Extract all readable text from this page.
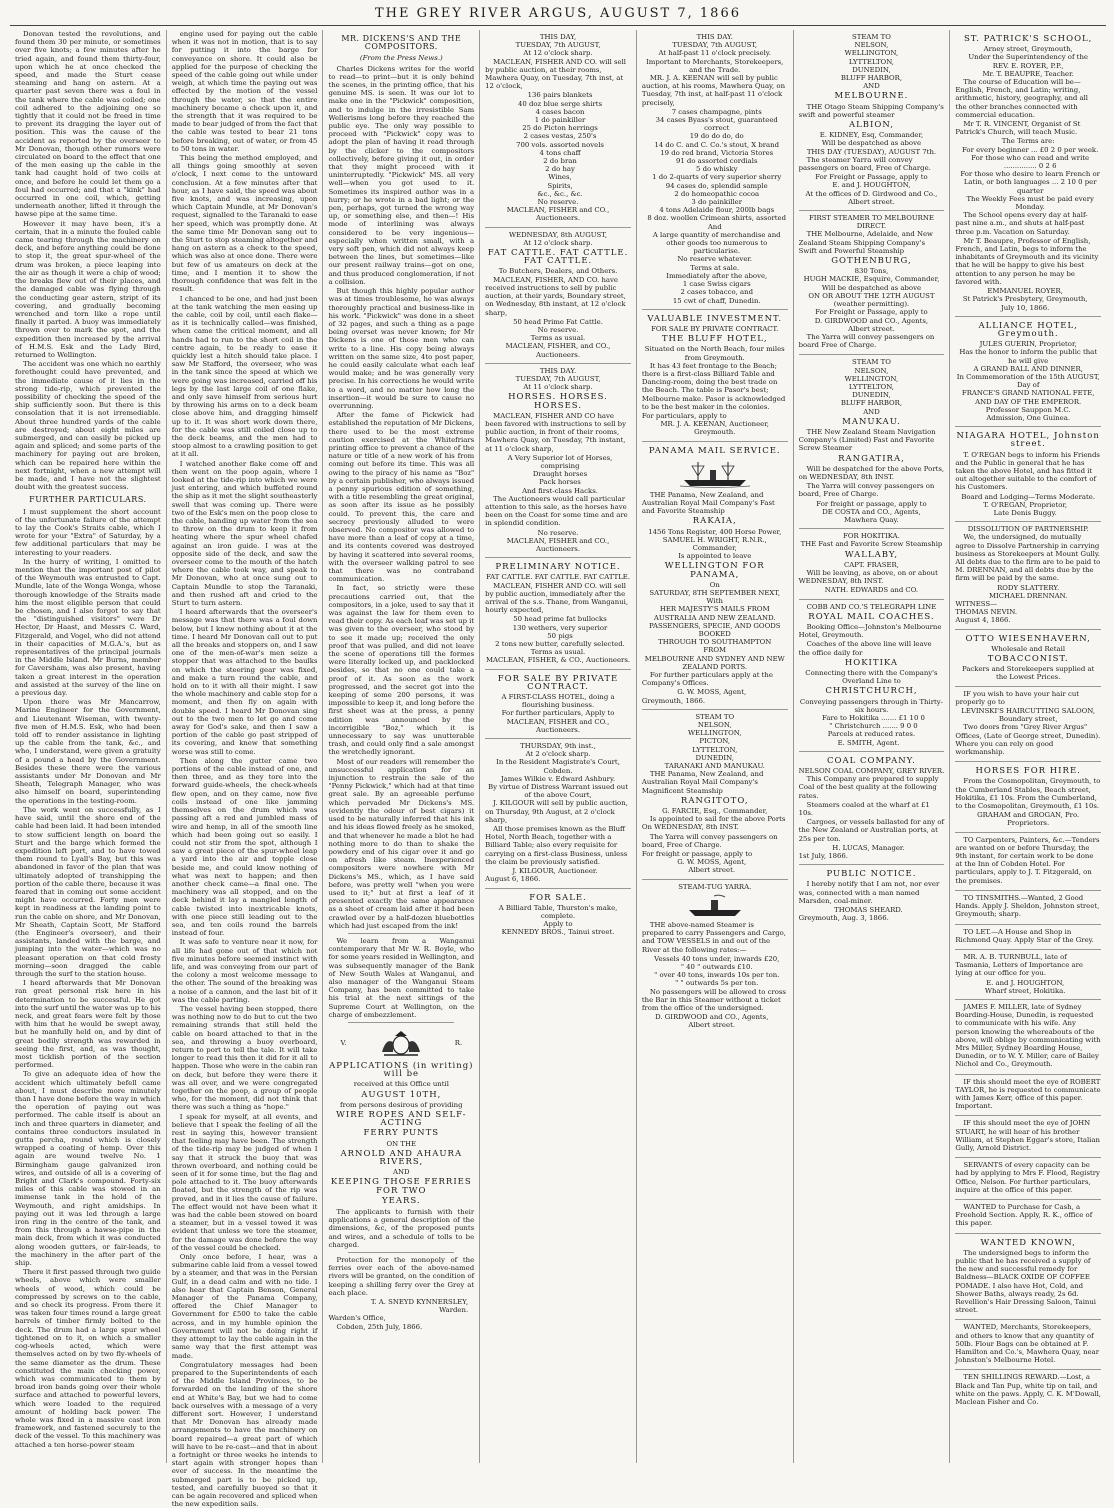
THE GREY RIVER ARGUS, AUGUST 7, 1866

Donovan tested the revolutions, and found them 30 per minute, or sometimes over five knots; a few minutes after he tried again, and found them thirty-four, upon which he at once checked the speed, and made the Sturt cease steaming and hang on astern. At a quarter past seven there was a foul in the tank where the cable was coiled; one coil adhered to the adjoining one so tightly that it could not be freed in time to prevent its dragging the layer out of position. This was the cause of the accident as reported by the overseer to Mr Donovan, though other rumors were circulated on board to the effect that one of the men easing up the cable in the tank had caught hold of two coils at once, and before he could let them go a foul had occurred; and that a "kink" had occurred in one coil, which, getting underneath another, lifted it through the hawse pipe at the same time.

However it may have been, it's a certain, that in a minute the fouled cable came tearing through the machinery on deck, and before anything could be done to stop it, the great spur-wheel of the drum was broken, a piece leaping into the air as though it were a chip of wood; the breaks flew out of their places, and the damaged cable was flying through the conducting gear astern, stript of its covering, and gradually becoming wrenched and torn like a rope until finally it parted. A buoy was immediately thrown over to mark the spot, and the expedition then increased by the arrival of H.M.S. Esk and the Lady Bird, returned to Wellington.

The accident was one which no earthly forethought could have prevented, and the immediate cause of it lies in the strong tide-rip, which prevented the possibility of checking the speed of the ship sufficiently soon. But there is this consolation that it is not irremediable. About three hundred yards of the cable are destroyed; about eight miles are submerged, and can easily be picked up again and spliced; and some parts of the machinery for paying out are broken, which can be repaired here within the next fortnight, when a new attempt will be made, and I have not the slightest doubt with the greatest success.

FURTHER PARTICULARS.

I must supplement the short account of the unfortunate failure of the attempt to lay the Cook's Straits cable, which I wrote for your "Extra" of Saturday, by a few additional particulars that may be interesting to your readers.

In the hurry of writing, I omitted to mention that the important post of pilot of the Weymouth was entrusted to Capt. Mundle, late of the Wonga Wonga, whose thorough knowledge of the Straits made him the most eligible person that could be chosen, and I also forgot to say that the "distinguished visitors" were Dr Hector, Dr Haast, and Messrs C. Ward, Fitzgerald, and Vogel, who did not attend in their capacities of M.G.A.'s, but as representatives of the principal journals in the Middle Island. Mr Burns, member for Caversham, was also present, having taken a great interest in the operation and assisted at the survey of the line on a previous day.

Upon there was Mr Mancarrow, Marine Engineer for the Government, and Lieutenant Wiseman, with twenty-five men of H.M.S. Esk, who had been told off to render assistance in lighting up the cable from the tank, &c., and who, I understand, were given a gratuity of a pound a head by the Government. Besides these there were the various assistants under Mr Donovan and Mr Sheath, Telegraph Manager, who was also himself on board, superintending the operations in the testing-room.

The work went on successfully, as I have said, until the shore end of the cable had been laid. It had been intended to stow sufficient length on board the Sturt and the barge which formed the expedition left port, and to have towed them round to Lyall's Bay, but this was abandoned in favor of the plan that was ultimately adopted of transhipping the portion of the cable there, because it was feared that in coming out some accident might have occurred. Forty men were kept in readiness at the landing point to run the cable on shore, and Mr Donovan, Mr Sheath, Captain Scott, Mr Stafford (the Engineer's overseer), and their assistants, landed with the barge, and jumping into the water—which was no pleasant operation on that cold frosty morning—soon dragged the cable through the surf to the station house.

I heard afterwards that Mr Donovan ran great personal risk here in his determination to be successful. He got into the surf until the water was up to his neck, and great fears were felt by those with him that he would be swept away, but he manfully held on, and by dint of great bodily strength was rewarded in seeing the first, and, as was thought, most ticklish portion of the section performed.

To give an adequate idea of how the accident which ultimately befell came about, I must describe more minutely than I have done before the way in which the operation of paying out was performed. The cable itself is about an inch and three quarters in diameter, and contains three conductors insulated in gutta percha, round which is closely wrapped a coating of hemp. Over this again are wound twelve No. 1 Birmingham gauge galvanized iron wires, and outside of all is a covering of Bright and Clark's compound. Forty-six miles of this cable was stowed in an immense tank in the hold of the Weymouth, and right amidships. In paying out it was led through a large iron ring in the centre of the tank, and from this through a hawse-pipe in the main deck, from which it was conducted along wooden gutters, or fair-leads, to the machinery in the after part of the ship.

There it first passed through two guide wheels, above which were smaller wheels of wood, which could be compressed by screws on to the cable, and so check its progress. From there it was taken four times round a large great barrels of timber firmly bolted to the deck. The drum had a large spur wheel tightened on to it, on which a smaller cog-wheels acted, which were themselves acted on by two fly-wheels of the same diameter as the drum. These constituted the main checking power, which was communicated to them by broad iron bands going over their whole surface and attached to powerful levers, which were loaded to the required amount of holding back power. The whole was fixed in a massive cast iron framework, and fastened securely to the deck of the vessel. To this machinery was attached a ten horse-power steam

engine used for paying out the cable when it was not in motion, that is to say for putting it into the barge for conveyance on shore. It could also be applied for the purpose of checking the speed of the cable going out while under weigh, at which time the paying out was effected by the motion of the vessel through the water, so that the entire machinery became a check upon it, and the strength that it was required to be made to bear judged of from the fact that the cable was tested to bear 21 tons before breaking, out of water, or from 45 to 50 tons in water.

This being the method employed, and all things going smoothly at seven o'clock, I next come to the untoward conclusion. At a few minutes after that hour, as I have said, the speed was about five knots, and was increasing, upon which Captain Mundle, at Mr Donovan's request, signalled to the Taranaki to ease her speed, which was promptly done. At the same time Mr Donovan sang out to the Sturt to stop steaming altogether and hang on astern as a check to the speed, which was also at once done. There were but few of us amateurs on deck at the time, and I mention it to show the thorough confidence that was felt in the result.

I chanced to be one, and had just been at the tank watching the men easing up the cable, coil by coil, until each flake—as it is technically called—was finished, when came the critical moment, and all hands had to run to the short coil in the centre again, to be ready to ease it quickly lest a hitch should take place. I saw Mr Stafford, the overseer, who was in the tank since the speed at which we were going was increased, carried off his legs by the last large coil of one flake, and only save himself from serious hurt by throwing his arms on to a deck beam close above him, and dragging himself up to it. It was short work down there, for the cable was still coiled close up to the deck beams, and the men had to stoop almost to a crawling position to get at it all.

I watched another flake come off and then went on the poop again, where I looked at the tide-rip into which we were just entering, and which buffeted round the ship as it met the slight southeasterly swell that was coming up. There were two of the Esk's men on the poop close to the cable, handing up water from the sea to throw on the drum to keep it from heating where the spur wheel chafed against an iron guide. I was at the opposite side of the deck, and saw the overseer come to the mouth of the hatch where the cable took way, and speak to Mr Donovan, who at once sung out to Captain Mundle to stop the Taranaki, and then rushed aft and cried to the Sturt to turn astern.

I heard afterwards that the overseer's message was that there was a foul down below, but I knew nothing about it at the time. I heard Mr Donovan call out to put all the breaks and stoppers on, and I saw one of the men-of-war's men seize a stopper that was attached to the baulks on which the steering gear was fixed, and make a turn round the cable, and hold on to it with all their might. I saw the whole machinery and cable stop for a moment, and then fly on again with double speed. I heard Mr Donovan sing out to the two men to let go and come away for God's sake, and then I saw a portion of the cable go past stripped of its covering, and knew that something worse was still to come.

Then along the gutter came two portions of the cable instead of one, and then three, and as they tore into the forward guide-wheels, the check-wheels flew open, and on they came, now five coils instead of one like jamming themselves on the drum which was passing aft a red and jumbled mass of wire and hemp, in all of the smooth line which had been going out so easily. I could not stir from the spot, although I saw a great piece of the spur-wheel leap a yard into the air and topple close beside me, and could know nothing of what was next to happen; and then another check came—a final one. The machinery was all stopped, and on the deck behind it lay a mangled length of cable twisted into inextricable knots, with one piece still leading out to the sea, and ten coils round the barrels instead of four.

It was safe to venture near it now, for all life had gone out of that which not five minutes before seemed instinct with life, and was conveying from our part of the colony a most welcome message to the other. The sound of the breaking was a noise of a cannon, and the last bit of it was the cable parting.

The vessel having been stopped, there was nothing now to do but to cut the two remaining strands that still held the cable on board attached to that in the sea, and throwing a buoy overboard, return to port to tell the tale. It will take longer to read this then it did for it all to happen. Those who were in the cabin ran on deck, but before they were there it was all over, and we were congregated together on the poop, a group of people who, for the moment, did not think that there was such a thing as "hope."

I speak for myself, at all events, and believe that I speak the feeling of all the rest in saying this, however transient that feeling may have been. The strength of the tide-rip may be judged of when I say that it struck the buoy that was thrown overboard, and nothing could be seen of it for some time, but the flag and pole attached to it. The buoy afterwards floated, but the strength of the rip was proved, and in it lies the cause of failure. The effect would not have been what it was had the cable been stowed on board a steamer, but in a vessel towed it was evident that unless we tore the steamer, for the damage was done before the way of the vessel could be checked.

Only once before, I hear, was a submarine cable laid from a vessel towed by a steamer, and that was in the Persian Gulf, in a dead calm and with no tide. I also hear that Captain Benson, General Manager of the Panama Company, offered the Chief Manager to Government for £500 to take the cable across, and in my humble opinion the Government will not be doing right if they attempt to lay the cable again in the same way that the first attempt was made.

Congratulatory messages had been prepared to the Superintendents of each of the Middle Island Provinces, to be forwarded on the landing of the shore end at White's Bay, but we had to come back ourselves with a message of a very different sort. However, I understand that Mr Donovan has already made arrangements to have the machinery on board repaired—a great part of which will have to be re-cast—and that in about a fortnight or three weeks he intends to start again with stronger hopes than ever of success. In the meantime the submerged part is to be picked up, tested, and carefully buoyed so that it can be again recovered and spliced when the new expedition sails.

MR. DICKENS'S AND THE COMPOSITORS.
(From the Press News.)

Charles Dickens writes for the world to read—to print—but it is only behind the scenes, in the printing office, that his genuine MS. is seen. It was our lot to make one in the "Pickwick" composition, and to indulge in the irresistible Sam Wellerisms long before they reached the public eye. The only way possible to proceed with "Pickwick" copy was to adopt the plan of having it read through by the clicker to the compositors collectively, before giving it out, in order that they might proceed with it uninterruptedly. "Pickwick" MS. all very well—when you got used to it. Sometimes its inspired author was in a hurry; or he wrote in a bad light; or the pen, perhaps, got turned the wrong way up, or something else, and then—! His mode of interlining was always considered to be very ingenious—especially when written small, with a very soft pen, which did not always keep between the lines, but sometimes—like our present railway trains—got on one, and thus produced conglomeration, if not a collision.

But though this highly popular author was at times troublesome, he was always thoroughly practical and business-like in his work. "Pickwick" was done in a sheet of 32 pages, and such a thing as a page being overset was never known; for Mr Dickens is one of those men who can write to a line. His copy being always written on the same size, 4to post paper, he could easily calculate what each leaf would make; and he was generally very precise. In his corrections he would write to a word, and no matter how long the insertion—it would be sure to cause no overrunning.

After the fame of Pickwick had established the reputation of Mr Dickens, there used to be the most extreme caution exercised at the Whitefriars printing office to prevent a chance of the nature or title of a new work of his from coming out before its time. This was all owing to the piracy of his name as "Boz" by a certain publisher, who always issued a penny spurious edition of something, with a title resembling the great original, as soon after its issue as he possibly could. To prevent this, the care and secrecy previously alluded to were observed. No compositor was allowed to have more than a leaf of copy at a time, and its contents covered was destroyed by having it scattered into several rooms, with the overseer walking patrol to see that there was no contraband communication.

In fact, so strictly were these precautions carried out, that the compositors, in a joke, used to say that it was against the law for them even to read their copy. As each leaf was set up it was given to the overseer, who stood by to see it made up; received the only proof that was pulled, and did not leave the scene of operations till the formes were literally locked up, and packlocked besides, so that no one could take a proof of it. As soon as the work progressed, and the secret got into the keeping of some 200 persons, it was impossible to keep it, and long before the first sheet was at the press, a penny edition was announced by the incorrigible "Boz," which it is unnecessary to say was unutterable trash, and could only find a sale amongst the wretchedly ignorant.

Most of our readers will remember the unsuccessful application for an injunction to restrain the sale of the "Penny Pickwick," which had at that time great sale. By an agreeable perfume which pervaded Mr Dickens's MS. (evidently the odour of best cigars) it used to be naturally inferred that his ink and his ideas flowed freely as he smoked, and that whenever he made a blot he had nothing more to do than to shake the powdery end of his cigar over it and go on afresh like steam. Inexperienced compositors were nowhere with Mr Dickens's MS., which, as I have said before, was pretty well "when you were used to it;" but at first a leaf of it presented exactly the same appearance as a sheet of cream laid after it had been crawled over by a half-dozen bluebottles which had just escaped from the ink!

We learn from a Wanganui contemporary that Mr W. R. Boyle, who for some years resided in Wellington, and was subsequently manager of the Bank of New South Wales at Wanganui, and also manager of the Wanganui Steam Company, has been committed to take his trial at the next sittings of the Supreme Court at Wellington, on the charge of embezzlement.

V.	R.
APPLICATIONS (in writing) will be
received at this Office until
AUGUST 10TH,
from persons desirous of providing
WIRE ROPES AND SELF-ACTING
FERRY PUNTS
ON THE
ARNOLD AND AHAURA RIVERS,
AND
KEEPING THOSE FERRIES FOR TWO
YEARS.

The applicants to furnish with their applications a general description of the dimensions, &c, of the proposed punts and wires, and a schedule of tolls to be charged.

Protection for the monopoly of the ferries over each of the above-named rivers will be granted, on the condition of keeping a shilling ferry over the Grey at each place.

T. A. SNEYD KYNNERSLEY,
Warden.
Warden's Office,
Cobden, 25th July, 1866.
THIS DAY,
TUESDAY, 7th AUGUST,
At 12 o'clock sharp.

MACLEAN, FISHER AND CO. will sell by public auction, at their rooms, Mawhera Quay, on Tuesday, 7th inst, at 12 o'clock,

136 pairs blankets
40 doz blue serge shirts
4 cases bacon
1 do painkiller
25 do Picton herrings
2 cases vestas, 250's
700 vols. assorted novels
4 tons chaff
2 do bran
2 do hay
Wines,
Spirits,
&c., &c., &c.
No reserve.
MACLEAN, FISHER and CO., Auctioneers.
WEDNESDAY, 8th AUGUST,
At 12 o'clock sharp.
FAT CATTLE. FAT CATTLE. FAT CATTLE.
To Butchers, Dealers, and Others.

MACLEAN, FISHER, AND CO. have received instructions to sell by public auction, at their yards, Boundary street, on Wednesday, 8th instant, at 12 o'clock sharp,

50 head Prime Fat Cattle.
No reserve.
Terms as usual.
MACLEAN, FISHER, and CO., Auctioneers.
THIS DAY.
TUESDAY, 7th AUGUST,
At 11 o'clock sharp.
HORSES. HORSES. HORSES.

MACLEAN, FISHER AND CO have been favored with instructions to sell by public auction, in front of their rooms, Mawhera Quay, on Tuesday, 7th instant, at 11 o'clock sharp,

A Very Superior lot of Horses, comprising
Draught horses
Pack horses
And first-class Hacks.

The Auctioneers would call particular attention to this sale, as the horses have been on the Coast for some time and are in splendid condition.

No reserve.
MACLEAN, FISHER and CO., Auctioneers.
PRELIMINARY NOTICE.
FAT CATTLE. FAT CATTLE. FAT CATTLE.

MACLEAN, FISHER AND CO. will sell by public auction, immediately after the arrival of the s.s. Thane, from Wanganui, hourly expected,

50 head prime fat bullocks
130 wethers, very superior
50 pigs
2 tons new butter, carefully selected.
Terms as usual.
MACLEAN, FISHER, & CO., Auctioneers.
FOR SALE BY PRIVATE CONTRACT.
A FIRST-CLASS HOTEL, doing a flourishing business.
For further particulars, Apply to
MACLEAN, FISHER and CO., Auctioneers.
THURSDAY, 9th inst.,
At 2 o'clock sharp.
In the Resident Magistrate's Court, Cobden.
James Wilkie v. Edward Ashbury.
By virtue of Distress Warrant issued out of the above Court,

J. KILGOUR will sell by public auction, on Thursday, 9th August, at 2 o'clock sharp,

All those premises known as the Bluff Hotel, North Beach, together with a Billiard Table; also every requisite for carrying on a first-class Business, unless the claim be previously satisfied.

J. KILGOUR, Auctioneer.
August 6, 1866.
FOR SALE.
A Billiard Table, Thurston's make, complete.
Apply to
KENNEDY BROS., Tainui street.
THIS DAY.
TUESDAY, 7th AUGUST,
At half-past 11 o'clock precisely.
Important to Merchants, Storekeepers, and the Trade.

MR. J. A. KEENAN will sell by public auction, at his rooms, Mawhera Quay, on Tuesday, 7th inst, at half-past 11 o'clock precisely,

7 cases champagne, pints
34 cases Byass's stout, guaranteed correct
19 do do do, do
14 do C. and C. Co.'s stout, X brand
19 do red brand, Victoria Stores
91 do assorted cordials
5 do whisky
1 do 2-quarts of very superior sherry
94 cases do, splendid sample
2 do homeopathic cocoa
3 do painkiller
4 tons Adelaide flour, 200lb bags
8 doz. woollen Crimean shirts, assorted
And
A large quantity of merchandise and other goods too numerous to particularise.
No reserve whatever.
Terms at sale.
Immediately after the above,
1 case Swiss cigars
2 cases tobacco, and
15 cwt of chaff, Dunedin.
VALUABLE INVESTMENT.
FOR SALE BY PRIVATE CONTRACT.
THE BLUFF HOTEL,
Situated on the North Beach, four miles from Greymouth.

It has 43 feet frontage to the Beach; there is a first-class Billiard Table and Dancing-room, doing the best trade on the Beach. The table is Pasor's best; Melbourne make. Pasor is acknowledged to be the best maker in the colonies.

For particulars, apply to
MR. J. A. KEENAN, Auctioneer, Greymouth.
PANAMA MAIL SERVICE.

THE Panama, New Zealand, and Australian Royal Mail Company's Fast and Favorite Steamship

RAKAIA,
1456 Tons Register, 400 Horse Power,
SAMUEL H. WRIGHT, R.N.R., Commander,
Is appointed to leave
WELLINGTON FOR PANAMA,
On
SATURDAY, 8TH SEPTEMBER NEXT,
With
HER MAJESTY'S MAILS FROM AUSTRALIA AND NEW ZEALAND.
PASSENGERS, SPECIE, AND GOODS
BOOKED
THROUGH TO SOUTHAMPTON
FROM
MELBOURNE AND SYDNEY AND NEW ZEALAND PORTS.

For further particulars apply at the Company's Offices.

G. W. MOSS, Agent,
Greymouth, 1866.
STEAM TO
NELSON,
WELLINGTON,
PICTON,
LYTTELTON,
DUNEDIN,
TARANAKI AND MANUKAU.

THE Panama, New Zealand, and Australian Royal Mail Company's Magnificent Steamship

RANGITOTO,
G. FARCIE, Esq., Commander,

Is appointed to sail for the above Ports On WEDNESDAY, 8th INST.

The Yarra will convey passengers on board, Free of Charge.

For freight or passage, apply to
G. W. MOSS, Agent,
Albert street.
STEAM-TUG YARRA.

THE above-named Steamer is prepared to carry Passengers and Cargo, and TOW VESSELS in and out of the River at the following rates:—

Vessels 40 tons under, inwards £20,
" 40 " outwards £10.
" over 40 tons, inwards 10s per ton.
" " outwards 5s per ton.

No passengers will be allowed to cross the Bar in this Steamer without a ticket from the office of the undersigned.

D. GIRDWOOD and CO., Agents,
Albert street.
STEAM TO
NELSON,
WELLINGTON,
LYTTELTON,
DUNEDIN,
BLUFF HARBOR,
AND
MELBOURNE.

THE Otago Steam Shipping Company's swift and powerful steamer

ALBION,
E. KIDNEY, Esq, Commander,
Will be despatched as above
THIS DAY (TUESDAY), AUGUST 7th.

The steamer Yarra will convey passengers on board, Free of Charge.

For Freight or Passage, apply to
E. and J. HOUGHTON,
At the offices of D. Girdwood and Co., Albert street.
FIRST STEAMER TO MELBOURNE DIRECT.

THE Melbourne, Adelaide, and New Zealand Steam Shipping Company's Swift and Powerful Steamship

GOTHENBURG,
830 Tons,
HUGH MACKIE, Esquire, Commander,
Will be despatched as above
ON OR ABOUT THE 12TH AUGUST
(weather permitting).
For Freight or Passage, apply to
D. GIRDWOOD and CO., Agents,
Albert street.

The Yarra will convey passengers on board Free of Charge.

STEAM TO
NELSON,
WELLINGTON,
LYTTELTON,
DUNEDIN,
BLUFF HARBOR,
AND
MANUKAU.

THE New Zealand Steam Navigation Company's (Limited) Fast and Favorite Screw Steamer

RANGATIRA,

Will be despatched for the above Ports, on WEDNESDAY, 8th INST.

The Yarra will convey passengers on board, Free of Charge.

For freight or passage, apply to
DE COSTA and CO., Agents,
Mawhera Quay.
FOR HOKITIKA.
THE Fast and Favorite Screw Steamship
WALLABY,
CAPT. FRASER,

Will be leaving, as above, on or about WEDNESDAY, 8th INST.

NATH. EDWARDS and CO.
COBB AND CO.'S TELEGRAPH LINE
ROYAL MAIL COACHES.

Booking Office—Johnston's Melbourne Hotel, Greymouth.

Coaches of the above line will leave the office daily for

HOKITIKA
Connecting there with the Company's Overland Line to
CHRISTCHURCH,
Conveying passengers through in Thirty-six hours.
Fare to Hokitika ....... £1 10 0
" Christchurch ....... 9 0 0
Parcels at reduced rates.
E. SMITH, Agent.
COAL COMPANY.
NELSON COAL COMPANY, GREY RIVER.

This Company are prepared to supply Coal of the best quality at the following rates.

Steamers coaled at the wharf at £1 10s.

Cargoes, or vessels ballasted for any of the New Zealand or Australian ports, at 25s per ton.

H. LUCAS, Manager.
1st July, 1866.
PUBLIC NOTICE.

I hereby notify that I am not, nor ever was, connected with a man named Marsden, coal-miner.

THOMAS SHEARD.
Greymouth, Aug. 3, 1866.
ST. PATRICK'S SCHOOL,
Arney street, Greymouth,
Under the Superintendency of the
REV. E. ROYER, P.P.,
Mr. T. BEAUPRE, Teacher.

The course of Education will be—English, French, and Latin; writing, arithmetic, history, geography, and all the other branches connected with commercial education.

Mr T. R. VINCENT, Organist of St Patrick's Church, will teach Music.

The Terms are:
For every beginner ... £0 2 0 per week.
For those who can read and write ............... 0 2 6
For those who desire to learn French or Latin, or both languages ... 2 10 0 per quarter
The Weekly Fees must be paid every Monday.

The School opens every day at half-past nine a.m., and shuts at half-past three p.m. Vacation on Saturday.

Mr T. Beaupre, Professor of English, French, and Latin, begs to inform the inhabitants of Greymouth and its vicinity that he will be happy to give his best attention to any person he may be favored with.

EMMANUEL ROYER,
St Patrick's Presbytery, Greymouth, July 10, 1866.
ALLIANCE HOTEL, Greymouth.
JULES GUERIN, Proprietor,
Has the honor to inform the public that he will give
A GRAND BALL AND DINNER,
In Commemoration of the 15th AUGUST, Day of
FRANCE'S GRAND NATIONAL FETE, AND DAY OF THE EMPEROR.
Professor Sauppon M.C.
Admission, One Guinea.
NIAGARA HOTEL, Johnston street.

T. O'REGAN begs to inform his Friends and the Public in general that he has taken the above Hotel, and has fitted it out altogether suitable to the comfort of his Customers.

Board and Lodging—Terms Moderate.
T. O'REGAN, Proprietor,
Late Denis Buggy.
DISSOLUTION OF PARTNERSHIP.

We, the undersigned, do mutually agree to Dissolve Partnership in carrying business as Storekeepers at Mount Gully. All debts due to the firm are to be paid to M. DRENNAN, and all debts due by the firm will be paid by the same.

RODY SLATTERY.
MICHAEL DRENNAN.
WITNESS—
THOMAS NEVIN.
August 4, 1866.
OTTO WIESENHAVERN,
Wholesale and Retail
TOBACCONIST.
Packers and Storekeepers supplied at the Lowest Prices.

IF you wish to have your hair cut properly go to

LEVINSKI'S HAIRCUTTING SALOON,
Boundary street,

Two doors from "Grey River Argus" Offices, (Late of George street, Dunedin). Where you can rely on good workmanship.

HORSES FOR HIRE.

From the Cosmopolitan, Greymouth, to the Cumberland Stables, Beach street, Hokitika, £1 10s. From the Cumberland, to the Cosmopolitan, Greymouth, £1 10s.

GRAHAM and GROGAN, Pro. Proprietors.

TO Carpenters, Painters, &c.—Tenders are wanted on or before Thursday, the 9th instant, for certain work to be done at the Inn of Cobden Hotel. For particulars, apply to J. T. Fitzgerald, on the premises.

TO TINSMITHS.—Wanted, 2 Good Hands. Apply J. Sheldon, Johnston street, Greymouth; sharp.

TO LET.—A House and Shop in Richmond Quay. Apply Star of the Grey.

MR. A. B. TURNBULL, late of Tasmania, Letters of Importance are lying at our office for you.

E. and J. HOUGHTON,
Wharf street, Hokitika.

JAMES F. MILLER, late of Sydney Boarding-House, Dunedin, is requested to communicate with his wife. Any person knowing the whereabouts of the above, will oblige by communicating with Mrs Miller, Sydney Boarding House, Dunedin, or to W. Y. Miller, care of Bailey Nichol and Co., Greymouth.

IF this should meet the eye of ROBERT TAYLOR, he is requested to communicate with James Kerr, office of this paper. Important.

IF this should meet the eye of JOHN STUART, he will hear of his brother William, at Stephen Eggar's store, Italian Gully, Arnold District.

SERVANTS of every capacity can be had by applying to Mrs F. Flood, Registry Office, Nelson. For further particulars, inquire at the office of this paper.

WANTED to Purchase for Cash, a Freehold Section. Apply, R. K., office of this paper.

WANTED KNOWN,

The undersigned begs to inform the public that he has received a supply of the new and successful remedy for Baldness—BLACK OXIDE OF COFFEE POMADE. I also have Hot, Cold, and Shower Baths, always ready, 2s 6d. Revellion's Hair Dressing Saloon, Tainui street.

WANTED, Merchants, Storekeepers, and others to know that any quantity of 50lb. Flour Bags can be obtained at F. Hamilton and Co.'s, Mawhera Quay, near Johnston's Melbourne Hotel.

TEN SHILLINGS REWARD.—Lost, a Black and Tan Pup, white tip on tail, and white on the paws. Apply, C. K. M'Dowall, Maclean Fisher and Co.
